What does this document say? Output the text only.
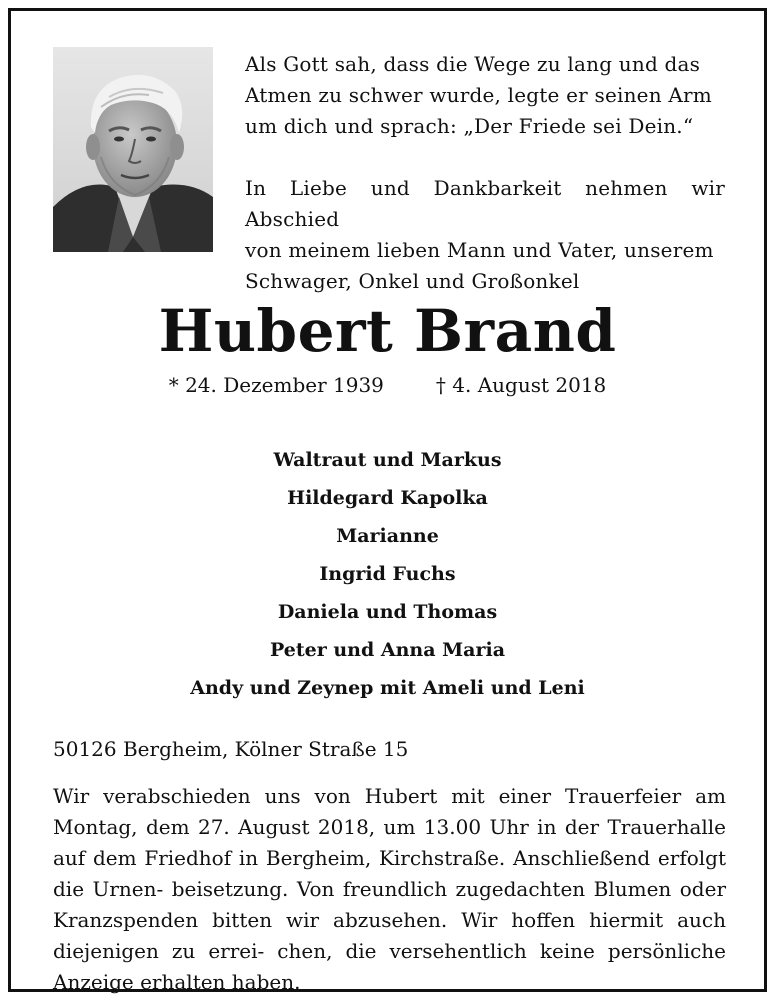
Als Gott sah, dass die Wege zu lang und das
Atmen zu schwer wurde, legte er seinen Arm
um dich und sprach: „Der Friede sei Dein.“

In Liebe und Dankbarkeit nehmen wir Abschied
von meinem lieben Mann und Vater, unserem
Schwager, Onkel und Großonkel

Hubert Brand
* 24. Dezember 1939	† 4. August 2018
Waltraut und Markus
Hildegard Kapolka
Marianne
Ingrid Fuchs
Daniela und Thomas
Peter und Anna Maria
Andy und Zeynep mit Ameli und Leni
50126 Bergheim, Kölner Straße 15

Wir verabschieden uns von Hubert mit einer Trauerfeier am Montag, dem 27. August 2018, um 13.00 Uhr in der Trauerhalle auf dem Friedhof in Bergheim, Kirchstraße. Anschließend erfolgt die Urnen- beisetzung. Von freundlich zugedachten Blumen oder Kranzspenden bitten wir abzusehen. Wir hoffen hiermit auch diejenigen zu errei- chen, die versehentlich keine persönliche Anzeige erhalten haben.
